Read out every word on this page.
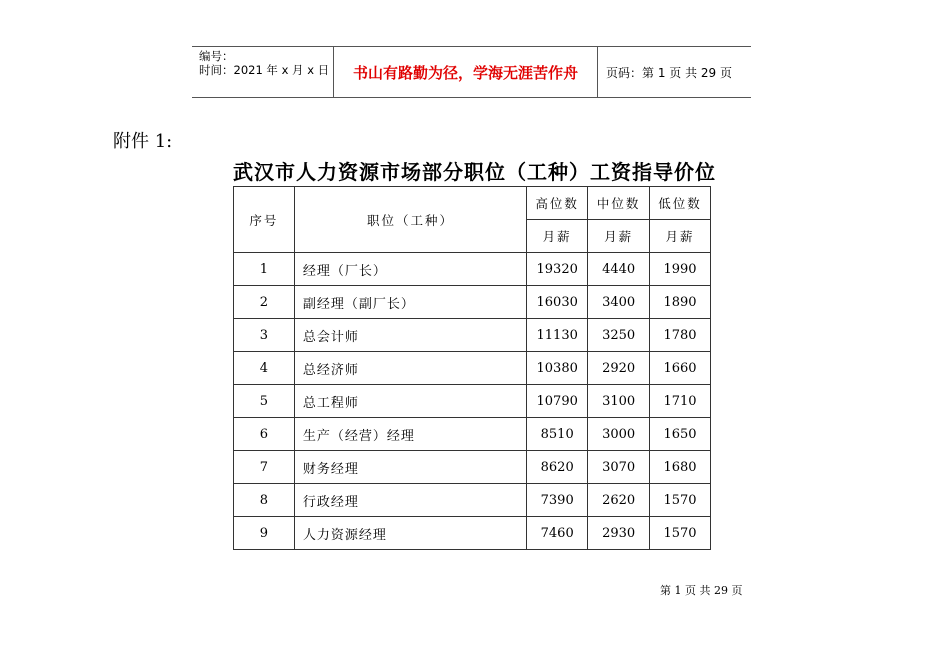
编号：
时间：2021 年 x 月 x 日	书山有路勤为径，学海无涯苦作舟	页码：第 1 页 共 29 页
附件 1:
武汉市人力资源市场部分职位（工种）工资指导价位
序号	职位（工种）	高位数	中位数	低位数
		月薪	月薪	月薪
1	经理（厂长）	19320	4440	1990
2	副经理（副厂长）	16030	3400	1890
3	总会计师	11130	3250	1780
4	总经济师	10380	2920	1660
5	总工程师	10790	3100	1710
6	生产（经营）经理	8510	3000	1650
7	财务经理	8620	3070	1680
8	行政经理	7390	2620	1570
9	人力资源经理	7460	2930	1570
第 1 页 共 29 页
